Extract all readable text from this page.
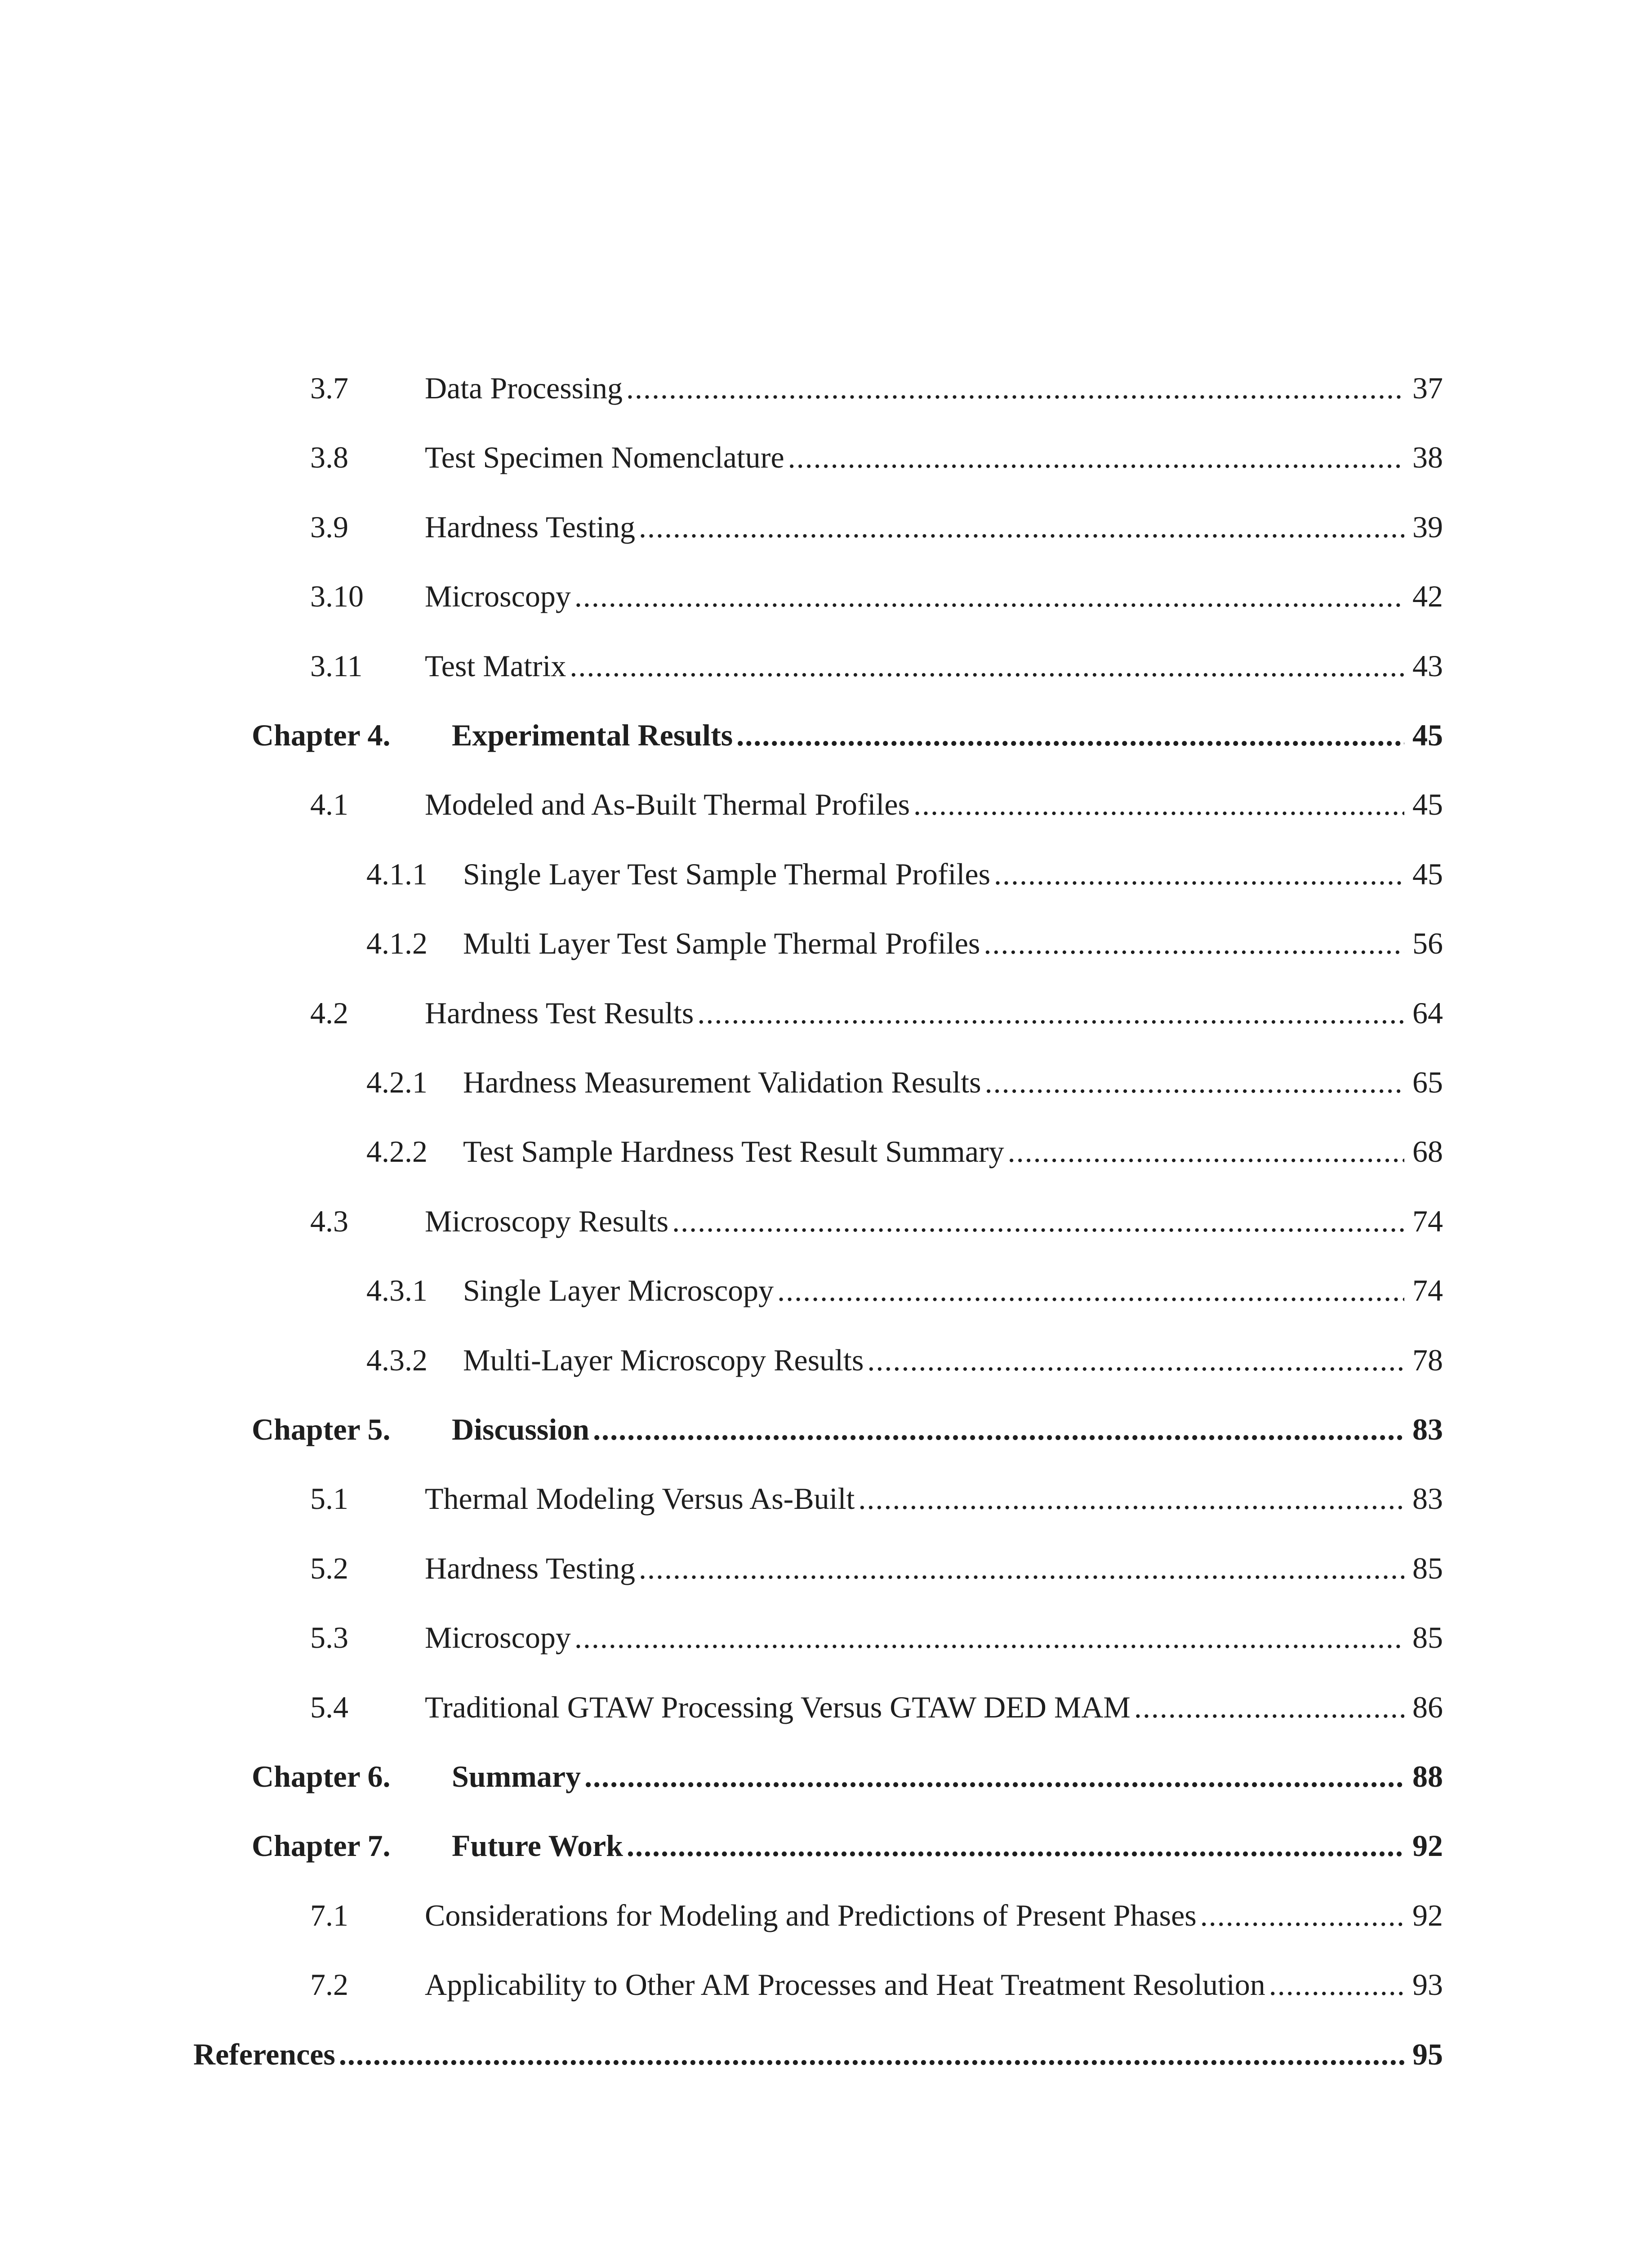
3.7	Data Processing .....	37
3.8	Test Specimen Nomenclature .....	38
3.9	Hardness Testing .....	39
3.10 Microscopy .....	42
3.11 Test Matrix .....	43
Chapter 4. Experimental Results .....	45
4.1	Modeled and As-Built Thermal Profiles .....	45
4.1.1 Single Layer Test Sample Thermal Profiles .....	45
4.1.2 Multi Layer Test Sample Thermal Profiles .....	56
4.2	Hardness Test Results .....	64
4.2.1 Hardness Measurement Validation Results .....	65
4.2.2 Test Sample Hardness Test Result Summary .....	68
4.3	Microscopy Results .....	74
4.3.1 Single Layer Microscopy .....	74
4.3.2 Multi-Layer Microscopy Results .....	78
Chapter 5. Discussion .....	83
5.1	Thermal Modeling Versus As-Built .....	83
5.2	Hardness Testing .....	85
5.3	Microscopy .....	85
5.4	Traditional GTAW Processing Versus GTAW DED MAM .....	86
Chapter 6. Summary .....	88
Chapter 7. Future Work .....	92
7.1	Considerations for Modeling and Predictions of Present Phases .....	92
7.2	Applicability to Other AM Processes and Heat Treatment Resolution .....	93
References .....	95
